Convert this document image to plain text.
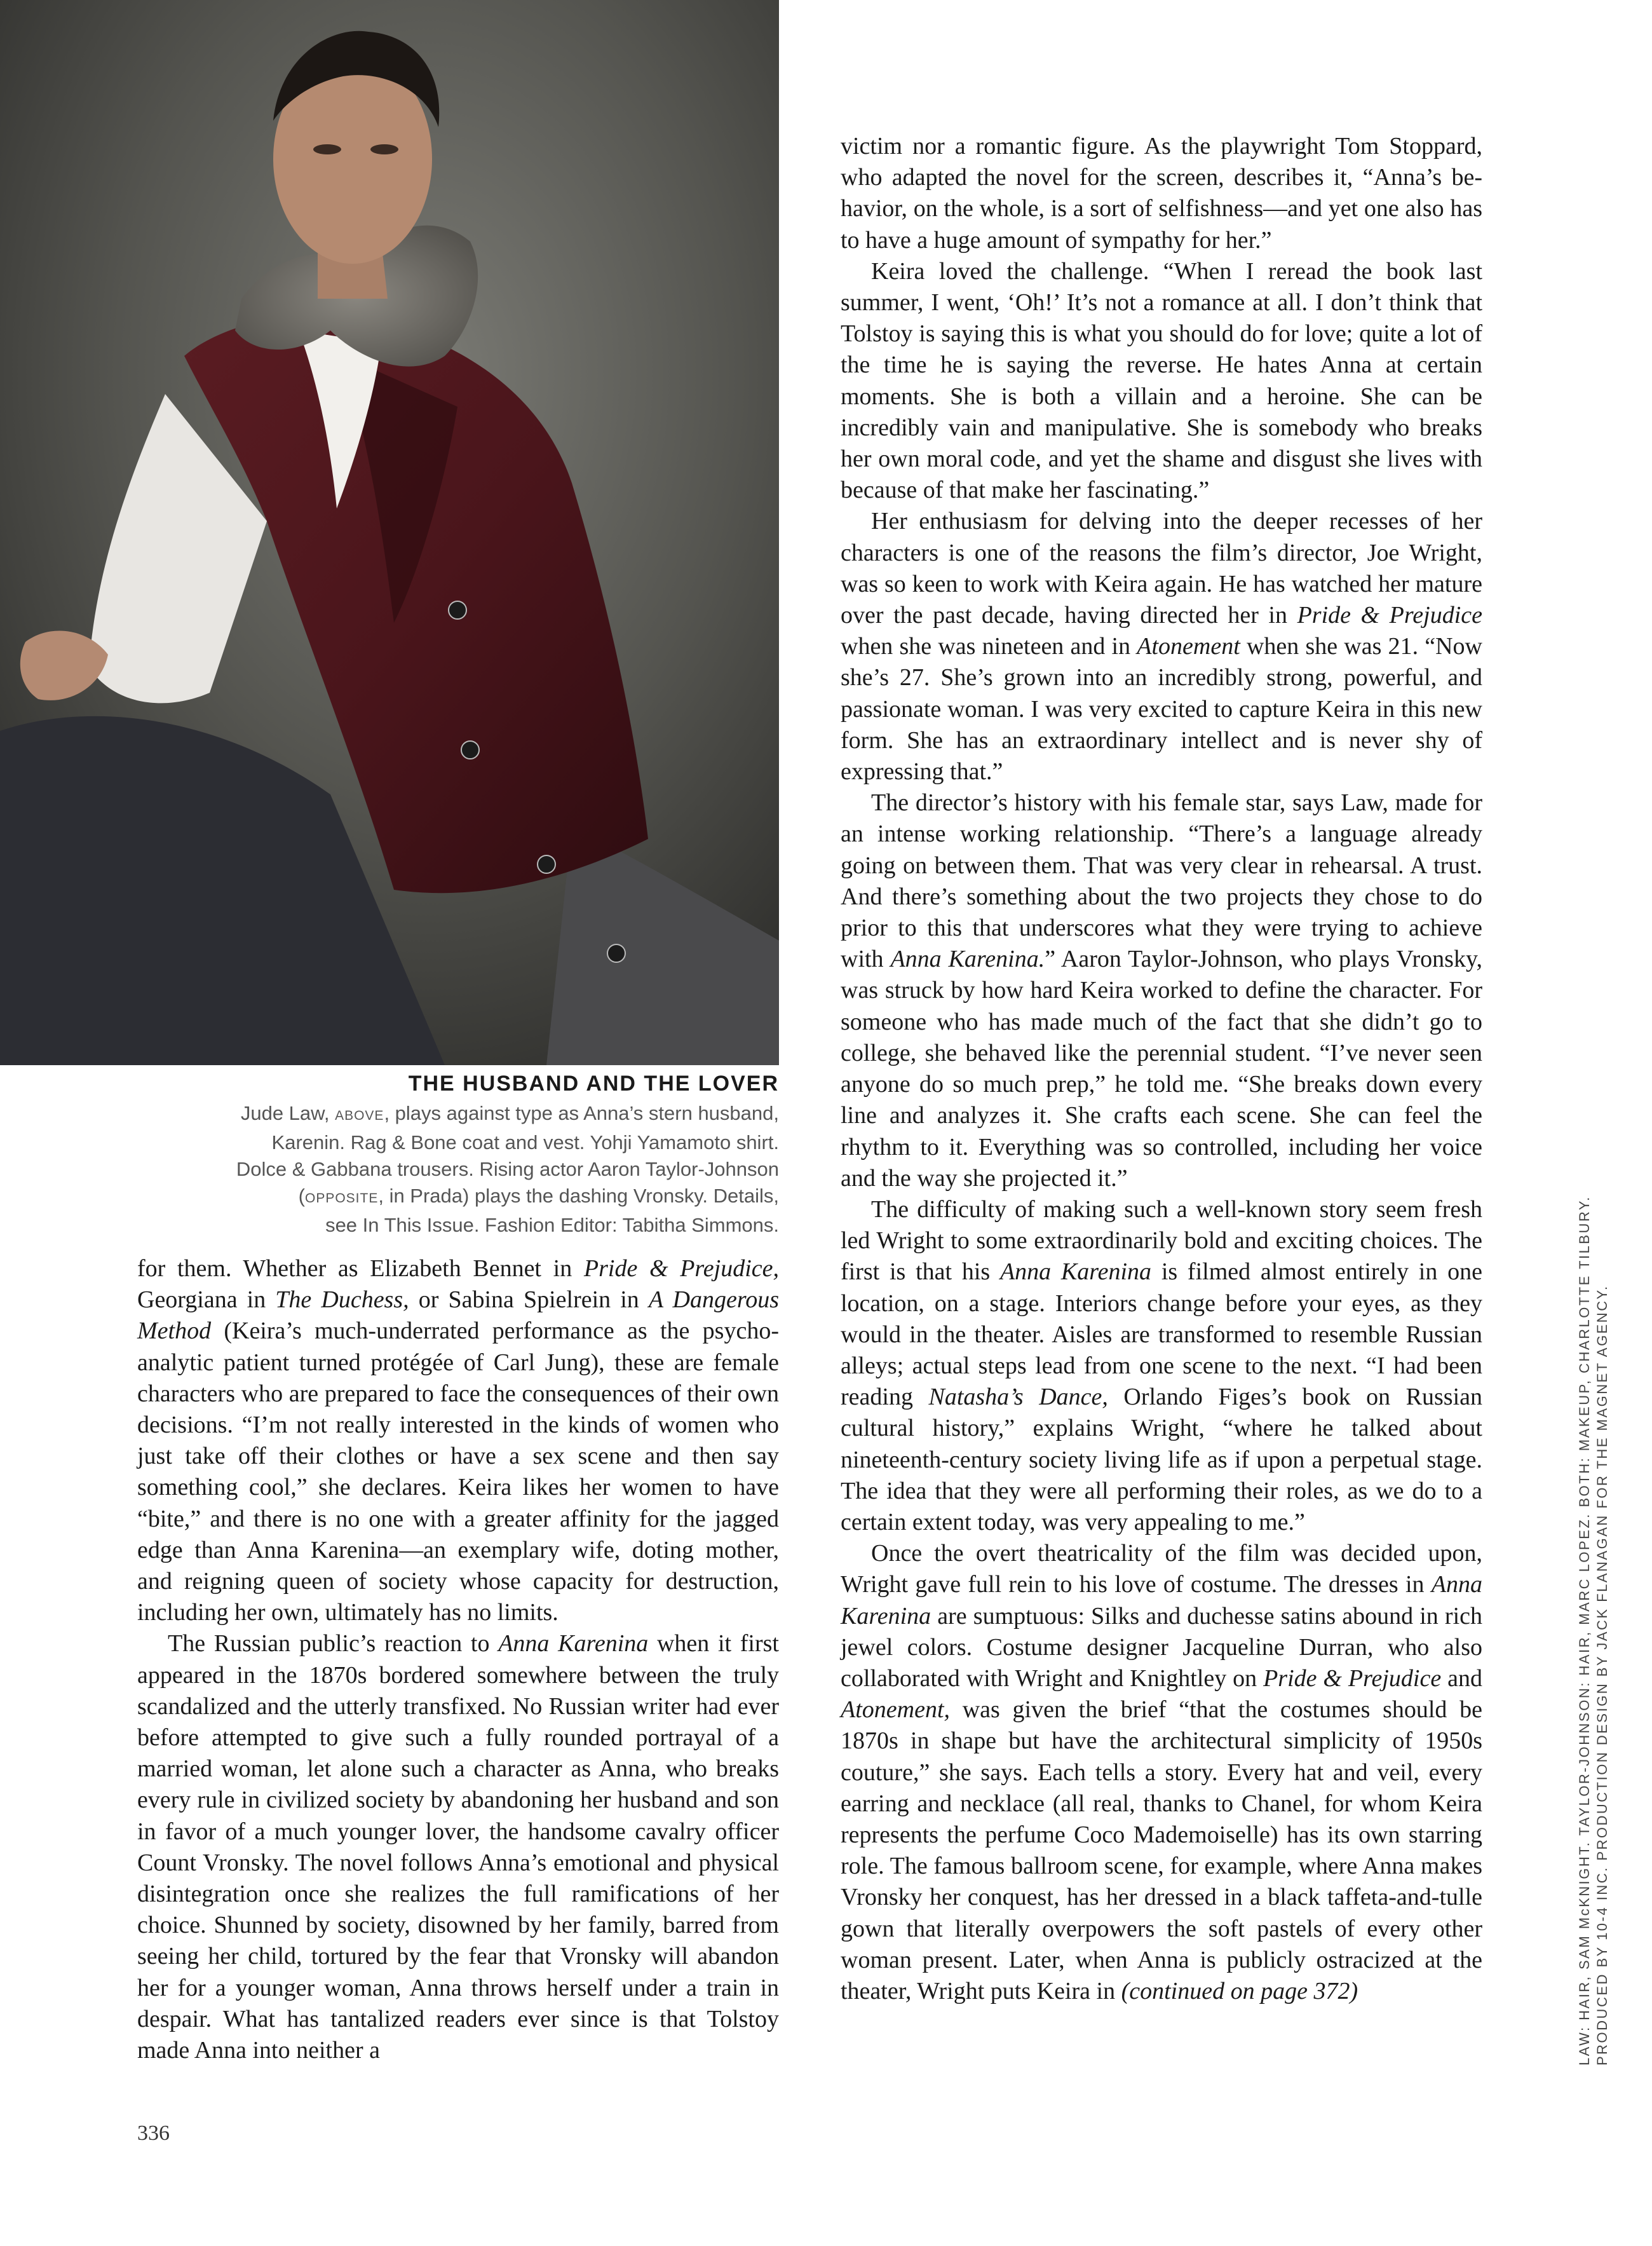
THE HUSBAND AND THE LOVER

Jude Law, ABOVE, plays against type as Anna’s stern husband,
Karenin. Rag & Bone coat and vest. Yohji Yamamoto shirt.
Dolce & Gabbana trousers. Rising actor Aaron Taylor-Johnson
(OPPOSITE, in Prada) plays the dashing Vronsky. Details,
see In This Issue. Fashion Editor: Tabitha Simmons.

for them. Whether as Elizabeth Bennet in Pride & Prejudice, Georgiana in The Duchess, or Sabina Spielrein in A Dangerous Method (Keira’s much-underrated performance as the psychoanalytic patient turned protégée of Carl Jung), these are female characters who are prepared to face the consequences of their own decisions. “I’m not really interested in the kinds of women who just take off their clothes or have a sex scene and then say something cool,” she declares. Keira likes her women to have “bite,” and there is no one with a greater affinity for the jagged edge than Anna Karenina—an exemplary wife, doting mother, and reigning queen of society whose capacity for destruction, including her own, ultimately has no limits.

The Russian public’s reaction to Anna Karenina when it first appeared in the 1870s bordered somewhere between the truly scandalized and the utterly transfixed. No Russian writer had ever before attempted to give such a fully rounded portrayal of a married woman, let alone such a character as Anna, who breaks every rule in civilized society by abandoning her husband and son in favor of a much younger lover, the handsome cavalry officer Count Vronsky. The novel follows Anna’s emotional and physical disintegration once she realizes the full ramifications of her choice. Shunned by society, disowned by her family, barred from seeing her child, tortured by the fear that Vronsky will abandon her for a younger woman, Anna throws herself under a train in despair. What has tantalized readers ever since is that Tolstoy made Anna into neither a

victim nor a romantic figure. As the playwright Tom Stoppard, who adapted the novel for the screen, describes it, “Anna’s behavior, on the whole, is a sort of selfishness—and yet one also has to have a huge amount of sympathy for her.”

Keira loved the challenge. “When I reread the book last summer, I went, ‘Oh!’ It’s not a romance at all. I don’t think that Tolstoy is saying this is what you should do for love; quite a lot of the time he is saying the reverse. He hates Anna at certain moments. She is both a villain and a heroine. She can be incredibly vain and manipulative. She is somebody who breaks her own moral code, and yet the shame and disgust she lives with because of that make her fascinating.”

Her enthusiasm for delving into the deeper recesses of her characters is one of the reasons the film’s director, Joe Wright, was so keen to work with Keira again. He has watched her mature over the past decade, having directed her in Pride & Prejudice when she was nineteen and in Atonement when she was 21. “Now she’s 27. She’s grown into an incredibly strong, powerful, and passionate woman. I was very excited to capture Keira in this new form. She has an extraordinary intellect and is never shy of expressing that.”

The director’s history with his female star, says Law, made for an intense working relationship. “There’s a language already going on between them. That was very clear in rehearsal. A trust. And there’s something about the two projects they chose to do prior to this that underscores what they were trying to achieve with Anna Karenina.” Aaron Taylor-Johnson, who plays Vronsky, was struck by how hard Keira worked to define the character. For someone who has made much of the fact that she didn’t go to college, she behaved like the perennial student. “I’ve never seen anyone do so much prep,” he told me. “She breaks down every line and analyzes it. She crafts each scene. She can feel the rhythm to it. Everything was so controlled, including her voice and the way she projected it.”

The difficulty of making such a well-known story seem fresh led Wright to some extraordinarily bold and exciting choices. The first is that his Anna Karenina is filmed almost entirely in one location, on a stage. Interiors change before your eyes, as they would in the theater. Aisles are transformed to resemble Russian alleys; actual steps lead from one scene to the next. “I had been reading Natasha’s Dance, Orlando Figes’s book on Russian cultural history,” explains Wright, “where he talked about nineteenth-century society living life as if upon a perpetual stage. The idea that they were all performing their roles, as we do to a certain extent today, was very appealing to me.”

Once the overt theatricality of the film was decided upon, Wright gave full rein to his love of costume. The dresses in Anna Karenina are sumptuous: Silks and duchesse satins abound in rich jewel colors. Costume designer Jacqueline Durran, who also collaborated with Wright and Knightley on Pride & Prejudice and Atonement, was given the brief “that the costumes should be 1870s in shape but have the architectural simplicity of 1950s couture,” she says. Each tells a story. Every hat and veil, every earring and necklace (all real, thanks to Chanel, for whom Keira represents the perfume Coco Mademoiselle) has its own starring role. The famous ballroom scene, for example, where Anna makes Vronsky her conquest, has her dressed in a black taffeta-and-tulle gown that literally overpowers the soft pastels of every other woman present. Later, when Anna is publicly ostracized at the theater, Wright puts Keira in (continued on page 372)	LAW: HAIR, SAM McKNIGHT. TAYLOR-JOHNSON: HAIR, MARC LOPEZ. BOTH: MAKEUP, CHARLOTTE TILBURY. PRODUCED BY 10-4 INC. PRODUCTION DESIGN BY JACK FLANAGAN FOR THE MAGNET AGENCY.
336
